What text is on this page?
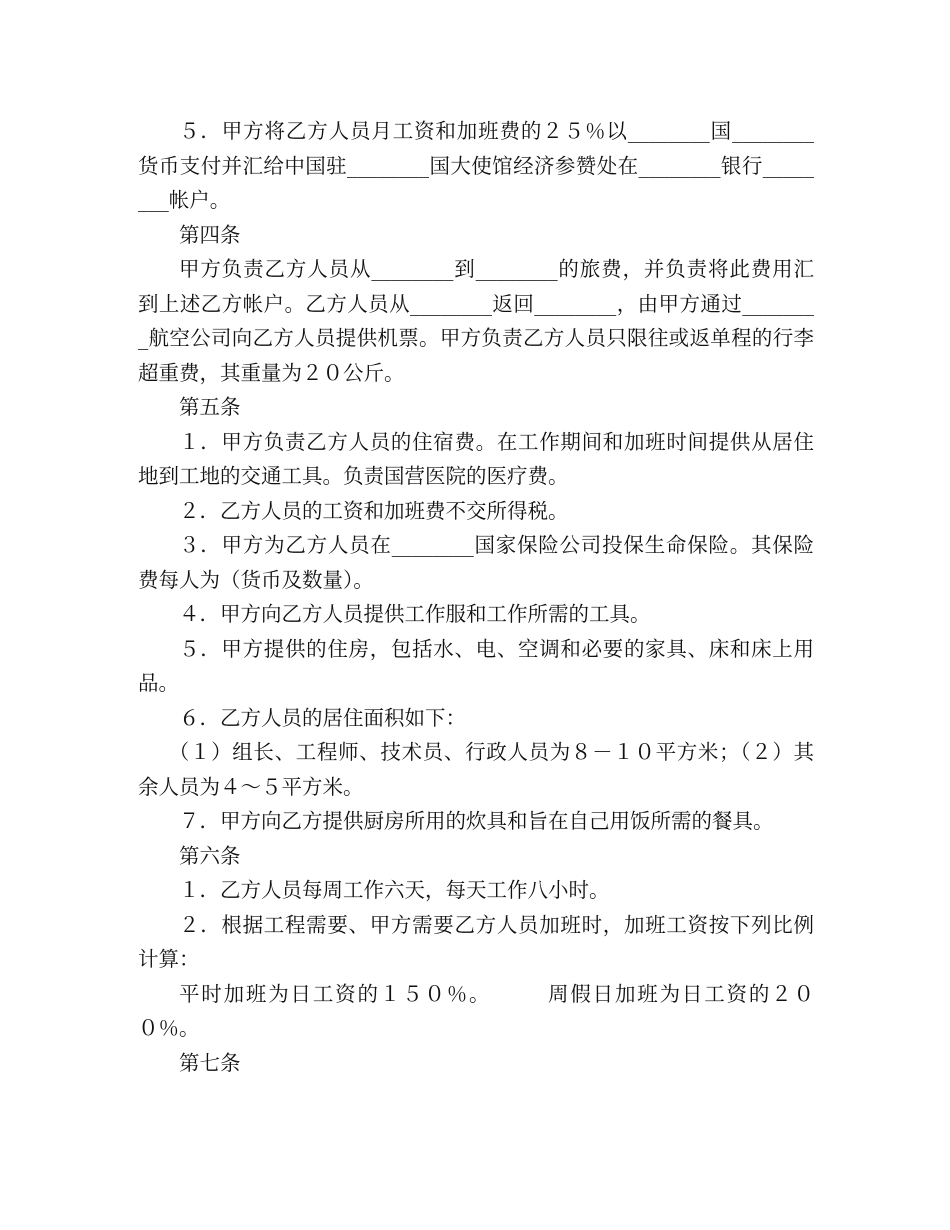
５．甲方将乙方人员月工资和加班费的２５％以________国________货币支付并汇给中国驻________国大使馆经济参赞处在________银行________帐户。

第四条

甲方负责乙方人员从________到________的旅费，并负责将此费用汇到上述乙方帐户。乙方人员从________返回________，由甲方通过________航空公司向乙方人员提供机票。甲方负责乙方人员只限往或返单程的行李超重费，其重量为２０公斤。

第五条

１．甲方负责乙方人员的住宿费。在工作期间和加班时间提供从居住地到工地的交通工具。负责国营医院的医疗费。

２．乙方人员的工资和加班费不交所得税。

３．甲方为乙方人员在________国家保险公司投保生命保险。其保险费每人为（货币及数量）。

４．甲方向乙方人员提供工作服和工作所需的工具。

５．甲方提供的住房，包括水、电、空调和必要的家具、床和床上用品。

６．乙方人员的居住面积如下：

（１）组长、工程师、技术员、行政人员为８－１０平方米；（２）其余人员为４～５平方米。

７．甲方向乙方提供厨房所用的炊具和旨在自己用饭所需的餐具。

第六条

１．乙方人员每周工作六天，每天工作八小时。

２．根据工程需要、甲方需要乙方人员加班时，加班工资按下列比例计算：

平时加班为日工资的１５０％。　　　周假日加班为日工资的２００％。

第七条
